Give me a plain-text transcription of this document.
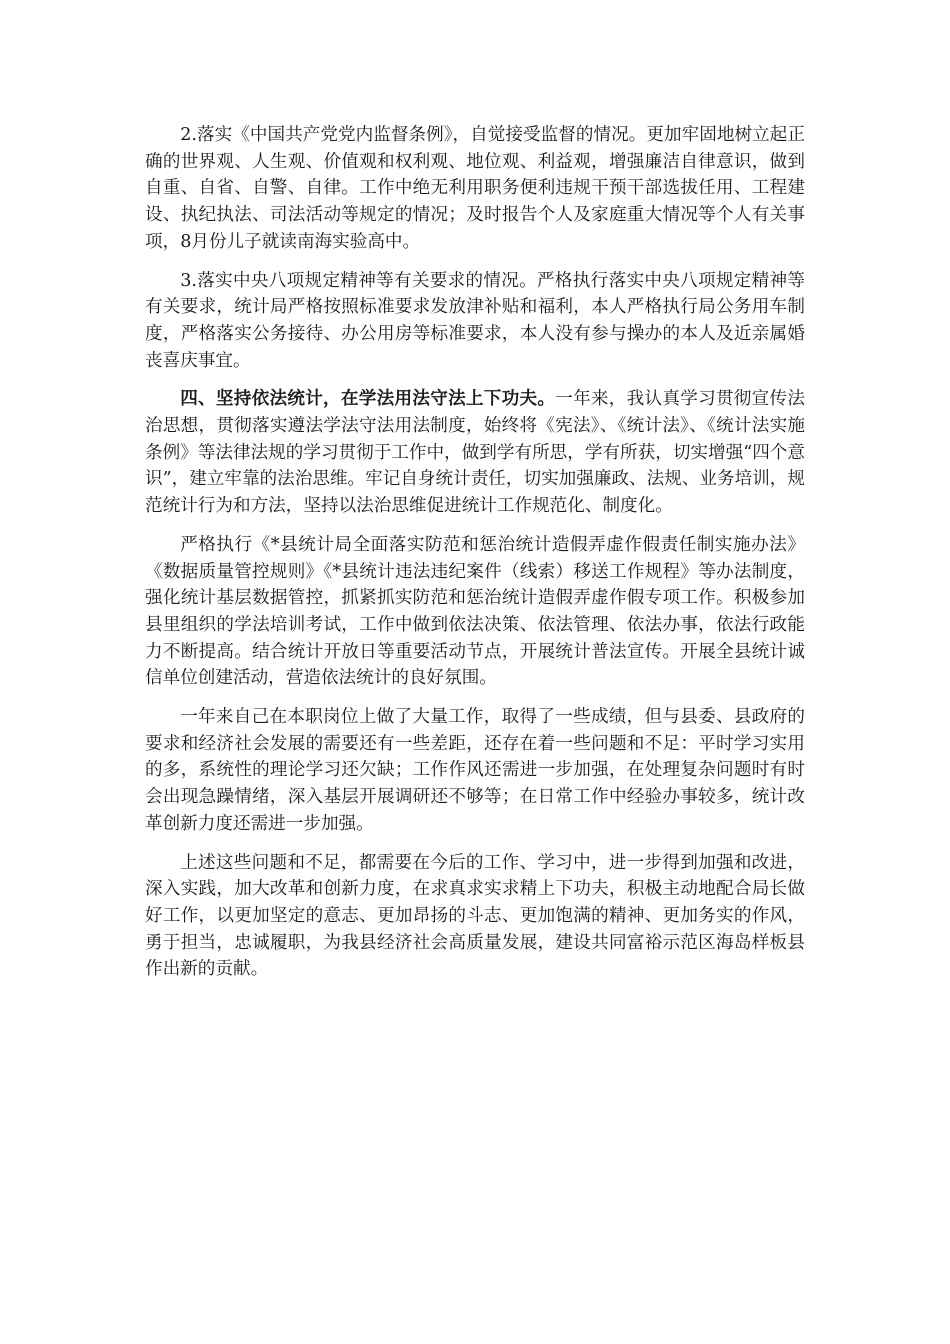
2.落实《中国共产党党内监督条例》，自觉接受监督的情况。更加牢固地树立起正确的世界观、人生观、价值观和权利观、地位观、利益观，增强廉洁自律意识，做到自重、自省、自警、自律。工作中绝无利用职务便利违规干预干部选拔任用、工程建设、执纪执法、司法活动等规定的情况；及时报告个人及家庭重大情况等个人有关事项，8月份儿子就读南海实验高中。

3.落实中央八项规定精神等有关要求的情况。严格执行落实中央八项规定精神等有关要求，统计局严格按照标准要求发放津补贴和福利，本人严格执行局公务用车制度，严格落实公务接待、办公用房等标准要求，本人没有参与操办的本人及近亲属婚丧喜庆事宜。

四、坚持依法统计，在学法用法守法上下功夫。一年来，我认真学习贯彻宣传法治思想，贯彻落实遵法学法守法用法制度，始终将《宪法》、《统计法》、《统计法实施条例》等法律法规的学习贯彻于工作中，做到学有所思，学有所获，切实增强“四个意识”，建立牢靠的法治思维。牢记自身统计责任，切实加强廉政、法规、业务培训，规范统计行为和方法，坚持以法治思维促进统计工作规范化、制度化。

严格执行《*县统计局全面落实防范和惩治统计造假弄虚作假责任制实施办法》《数据质量管控规则》《*县统计违法违纪案件（线索）移送工作规程》等办法制度，强化统计基层数据管控，抓紧抓实防范和惩治统计造假弄虚作假专项工作。积极参加县里组织的学法培训考试，工作中做到依法决策、依法管理、依法办事，依法行政能力不断提高。结合统计开放日等重要活动节点，开展统计普法宣传。开展全县统计诚信单位创建活动，营造依法统计的良好氛围。

一年来自己在本职岗位上做了大量工作，取得了一些成绩，但与县委、县政府的要求和经济社会发展的需要还有一些差距，还存在着一些问题和不足：平时学习实用的多，系统性的理论学习还欠缺；工作作风还需进一步加强，在处理复杂问题时有时会出现急躁情绪，深入基层开展调研还不够等；在日常工作中经验办事较多，统计改革创新力度还需进一步加强。

上述这些问题和不足，都需要在今后的工作、学习中，进一步得到加强和改进，深入实践，加大改革和创新力度，在求真求实求精上下功夫，积极主动地配合局长做好工作，以更加坚定的意志、更加昂扬的斗志、更加饱满的精神、更加务实的作风，勇于担当，忠诚履职，为我县经济社会高质量发展，建设共同富裕示范区海岛样板县作出新的贡献。
